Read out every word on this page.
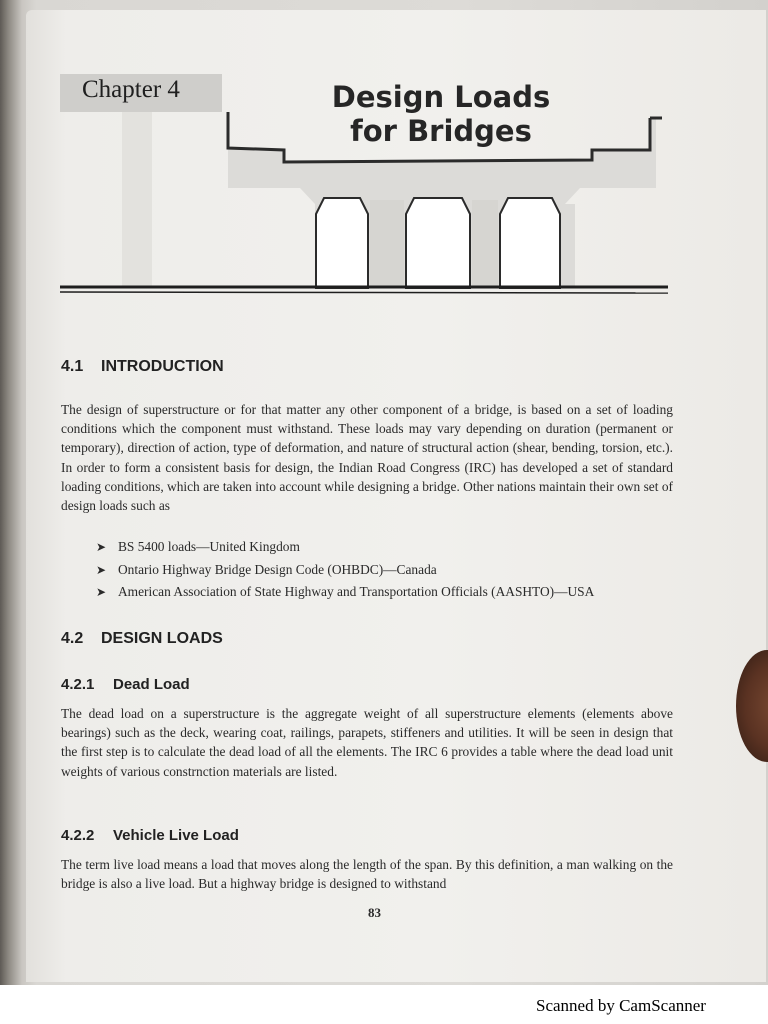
Chapter 4	Design Loads
for Bridges
4.1 INTRODUCTION
The design of superstructure or for that matter any other component of a bridge, is based on a set of loading conditions which the component must withstand. These loads may vary depending on duration (permanent or temporary), direction of action, type of deformation, and nature of structural action (shear, bending, torsion, etc.). In order to form a consistent basis for design, the Indian Road Congress (IRC) has developed a set of standard loading conditions, which are taken into account while designing a bridge. Other nations maintain their own set of design loads such as
➤ BS 5400 loads—United Kingdom
➤ Ontario Highway Bridge Design Code (OHBDC)—Canada
➤ American Association of State Highway and Transportation Officials (AASHTO)—USA
4.2 DESIGN LOADS
4.2.1 Dead Load
The dead load on a superstructure is the aggregate weight of all superstructure elements (elements above bearings) such as the deck, wearing coat, railings, parapets, stiffeners and utilities. It will be seen in design that the first step is to calculate the dead load of all the elements. The IRC 6 provides a table where the dead load unit weights of various constrnction materials are listed.
4.2.2 Vehicle Live Load
The term live load means a load that moves along the length of the span. By this definition, a man walking on the bridge is also a live load. But a highway bridge is designed to withstand
83
Scanned by CamScanner
